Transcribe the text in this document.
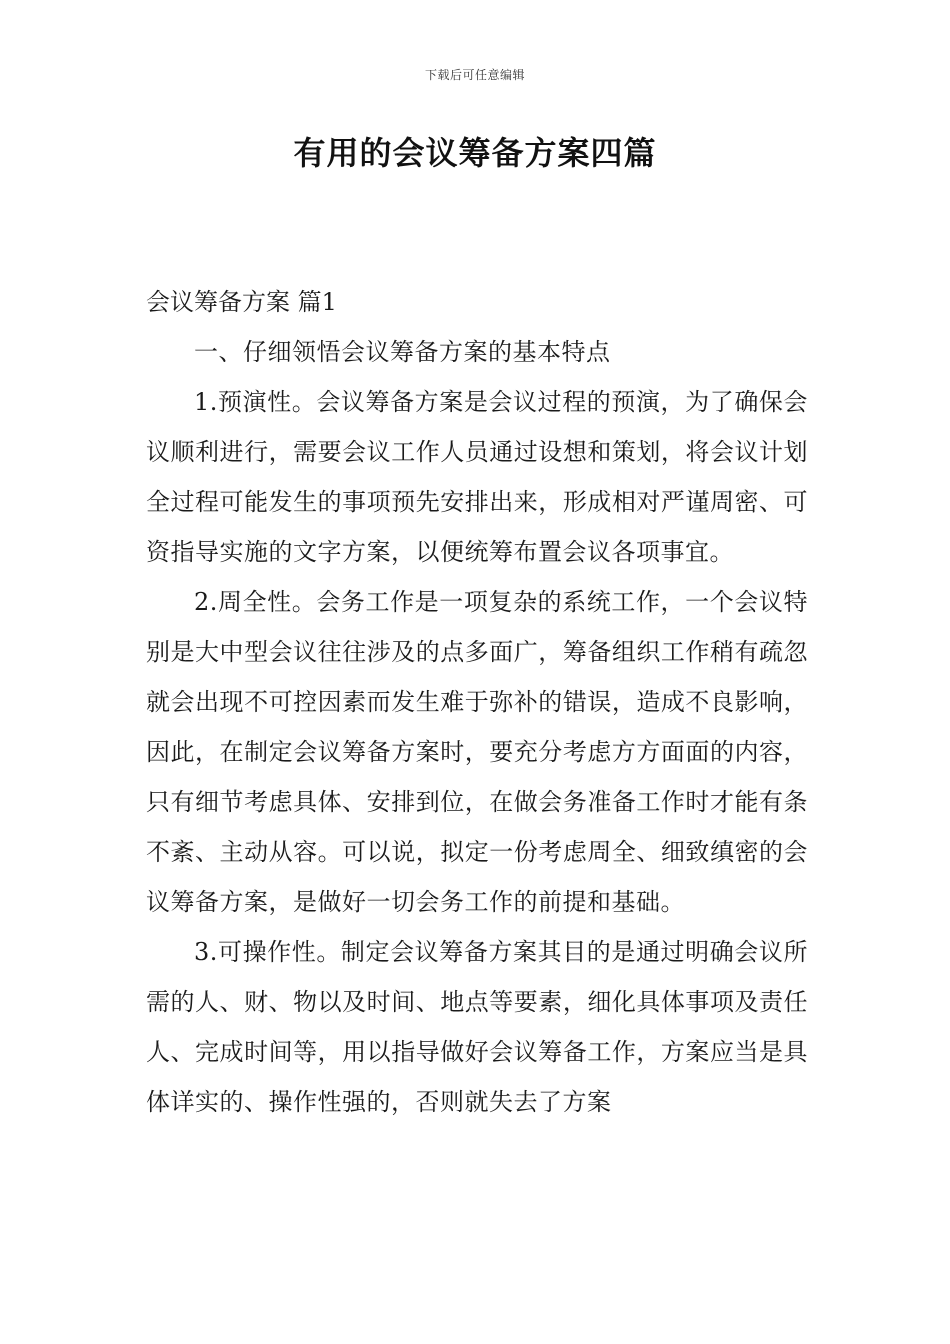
下载后可任意编辑
有用的会议筹备方案四篇

会议筹备方案 篇1

一、仔细领悟会议筹备方案的基本特点

1.预演性。会议筹备方案是会议过程的预演，为了确保会议顺利进行，需要会议工作人员通过设想和策划，将会议计划全过程可能发生的事项预先安排出来，形成相对严谨周密、可资指导实施的文字方案，以便统筹布置会议各项事宜。

2.周全性。会务工作是一项复杂的系统工作，一个会议特别是大中型会议往往涉及的点多面广，筹备组织工作稍有疏忽就会出现不可控因素而发生难于弥补的错误，造成不良影响，因此，在制定会议筹备方案时，要充分考虑方方面面的内容，只有细节考虑具体、安排到位，在做会务准备工作时才能有条不紊、主动从容。可以说，拟定一份考虑周全、细致缜密的会议筹备方案，是做好一切会务工作的前提和基础。

3.可操作性。制定会议筹备方案其目的是通过明确会议所需的人、财、物以及时间、地点等要素，细化具体事项及责任人、完成时间等，用以指导做好会议筹备工作，方案应当是具体详实的、操作性强的，否则就失去了方案
